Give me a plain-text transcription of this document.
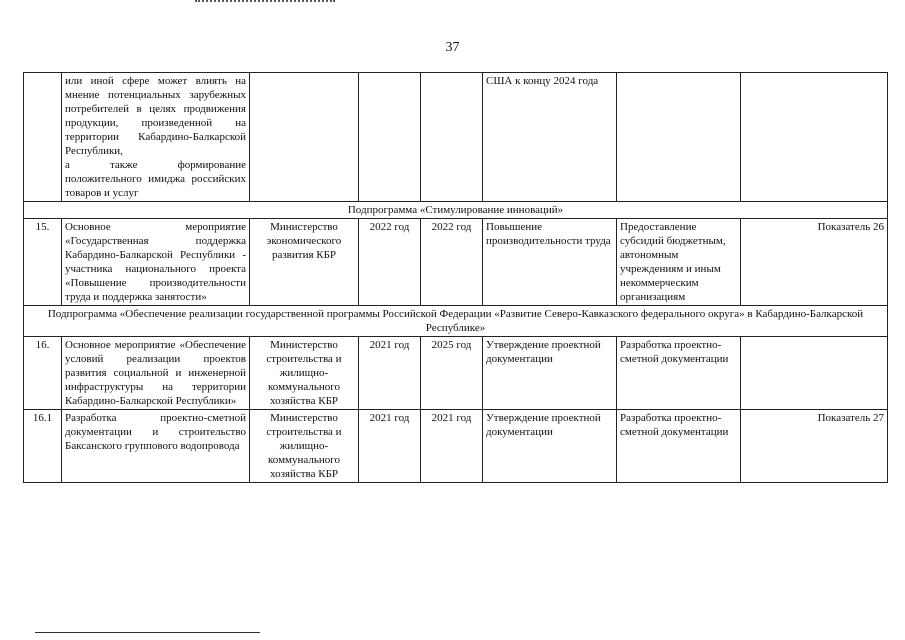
37
	или иной сфере может влиять на мнение потенциальных зарубежных потребителей в целях продвижения продукции, произведенной на территории Кабардино-Балкарской Республики,
а также формирование положительного имиджа российских товаров и услуг				США к концу 2024 года		
Подпрограмма «Стимулирование инноваций»							
15.	Основное мероприятие «Государственная поддержка Кабардино-Балкарской Республики - участника национального проекта «Повышение производительности труда и поддержка занятости»	Министерство экономического развития КБР	2022 год	2022 год	Повышение производительности труда	Предоставление субсидий бюджетным, автономным учреждениям и иным некоммерческим организациям	Показатель 26
Подпрограмма «Обеспечение реализации государственной программы Российской Федерации «Развитие Северо-Кавказского федерального округа» в Кабардино-Балкарской Республике»							
16.	Основное мероприятие «Обеспечение условий реализации проектов развития социальной и инженерной инфраструктуры на территории Кабардино-Балкарской Республики»	Министерство строительства и жилищно-коммунального хозяйства КБР	2021 год	2025 год	Утверждение проектной документации	Разработка проектно-сметной документации	
16.1	Разработка проектно-сметной документации и строительство Баксанского группового водопровода	Министерство строительства и жилищно-коммунального хозяйства КБР	2021 год	2021 год	Утверждение проектной документации	Разработка проектно-сметной документации	Показатель 27
